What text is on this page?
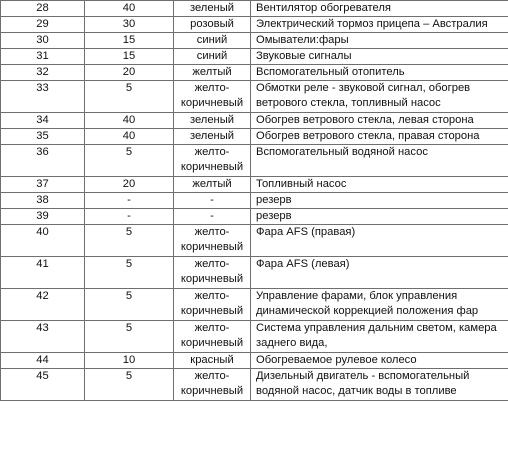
28	40	зеленый	Вентилятор обогревателя
29	30	розовый	Электрический тормоз прицепа – Австралия
30	15	синий	Омыватели:фары
31	15	синий	Звуковые сигналы
32	20	желтый	Вспомогательный отопитель
33	5	желто-коричневый	Обмотки реле - звуковой сигнал, обогрев ветрового стекла, топливный насос
34	40	зеленый	Обогрев ветрового стекла, левая сторона
35	40	зеленый	Обогрев ветрового стекла, правая сторона
36	5	желто-коричневый	Вспомогательный водяной насос
37	20	желтый	Топливный насос
38	-	-	резерв
39	-	-	резерв
40	5	желто-коричневый	Фара AFS (правая)
41	5	желто-коричневый	Фара AFS (левая)
42	5	желто-коричневый	Управление фарами, блок управления динамической коррекцией положения фар
43	5	желто-коричневый	Система управления дальним светом, камера заднего вида,
44	10	красный	Обогреваемое рулевое колесо
45	5	желто-коричневый	Дизельный двигатель - вспомогательный водяной насос, датчик воды в топливе
